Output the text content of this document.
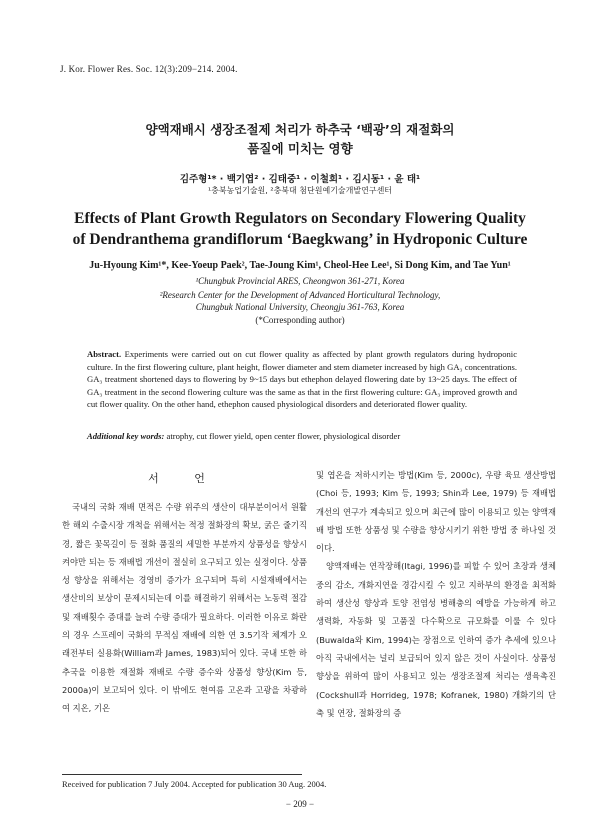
J. Kor. Flower Res. Soc. 12(3):209−214. 2004.
양액재배시 생장조절제 처리가 하추국 ‘백광’의 재절화의
품질에 미치는 영향
김주형¹* · 백기엽² · 김태중¹ · 이철희¹ · 김시동¹ · 윤 태¹
¹충북농업기술원, ²충북대 첨단원예기술개발연구센터
Effects of Plant Growth Regulators on Secondary Flowering Quality
of Dendranthema grandiflorum ‘Baegkwang’ in Hydroponic Culture
Ju-Hyoung Kim¹*, Kee-Yoeup Paek², Tae-Joung Kim¹, Cheol-Hee Lee¹, Si Dong Kim, and Tae Yun¹
¹Chungbuk Provincial ARES, Cheongwon 361-271, Korea
²Research Center for the Development of Advanced Horticultural Technology,
Chungbuk National University, Cheongju 361-763, Korea
(*Corresponding author)
Abstract. Experiments were carried out on cut flower quality as affected by plant growth regulators during hydroponic culture. In the first flowering culture, plant height, flower diameter and stem diameter increased by high GA₃ concentrations. GA₃ treatment shortened days to flowering by 9~15 days but ethephon delayed flowering date by 13~25 days. The effect of GA₃ treatment in the second flowering culture was the same as that in the first flowering culture: GA₃ improved growth and cut flower quality. On the other hand, ethephon caused physiological disorders and deteriorated flower quality.
Additional key words: atrophy, cut flower yield, open center flower, physiological disorder
서 언

국내의 국화 재배 면적은 수량 위주의 생산이 대부분이어서 원활한 해외 수출시장 개척을 위해서는 적정 절화장의 확보, 굵은 줄기직경, 짧은 꽃목길이 등 절화 품질의 세밀한 부분까지 상품성을 향상시켜야만 되는 등 재배법 개선이 절실히 요구되고 있는 실정이다. 상품성 향상을 위해서는 경영비 증가가 요구되며 특히 시설재배에서는 생산비의 보상이 문제시되는데 이를 해결하기 위해서는 노동력 절감 및 재배횟수 증대를 늘려 수량 증대가 필요하다. 이러한 이유로 화란의 경우 스프레이 국화의 무적심 재배에 의한 연 3.5기작 체계가 오래전부터 실용화(William과 James, 1983)되어 있다. 국내 또한 하추국을 이용한 재절화 재배로 수량 증수와 상품성 향상(Kim 등, 2000a)이 보고되어 있다. 이 밖에도 현여름 고온과 고광을 차광하여 지온, 기온

및 엽온을 저하시키는 방법(Kim 등, 2000c), 우량 육묘 생산방법(Choi 등, 1993; Kim 등, 1993; Shin과 Lee, 1979) 등 재배법 개선의 연구가 계속되고 있으며 최근에 많이 이용되고 있는 양액재배 방법 또한 상품성 및 수량을 향상시키기 위한 방법 중 하나일 것이다.

양액재배는 연작장해(Itagi, 1996)를 피할 수 있어 초장과 생체중의 감소, 개화지연을 경감시킬 수 있고 지하부의 환경을 최적화하여 생산성 향상과 토양 전염성 병해충의 예방을 가능하게 하고 생력화, 자동화 및 고품질 다수확으로 규모화를 이룰 수 있다(Buwalda와 Kim, 1994)는 장점으로 인하여 증가 추세에 있으나 아직 국내에서는 널리 보급되어 있지 않은 것이 사실이다. 상품성 향상을 위하여 많이 사용되고 있는 생장조절제 처리는 생육촉진(Cockshull과 Horrideg, 1978; Kofranek, 1980) 개화기의 단축 및 연장, 절화장의 증

Received for publication 7 July 2004. Accepted for publication 30 Aug. 2004.
− 209 −
